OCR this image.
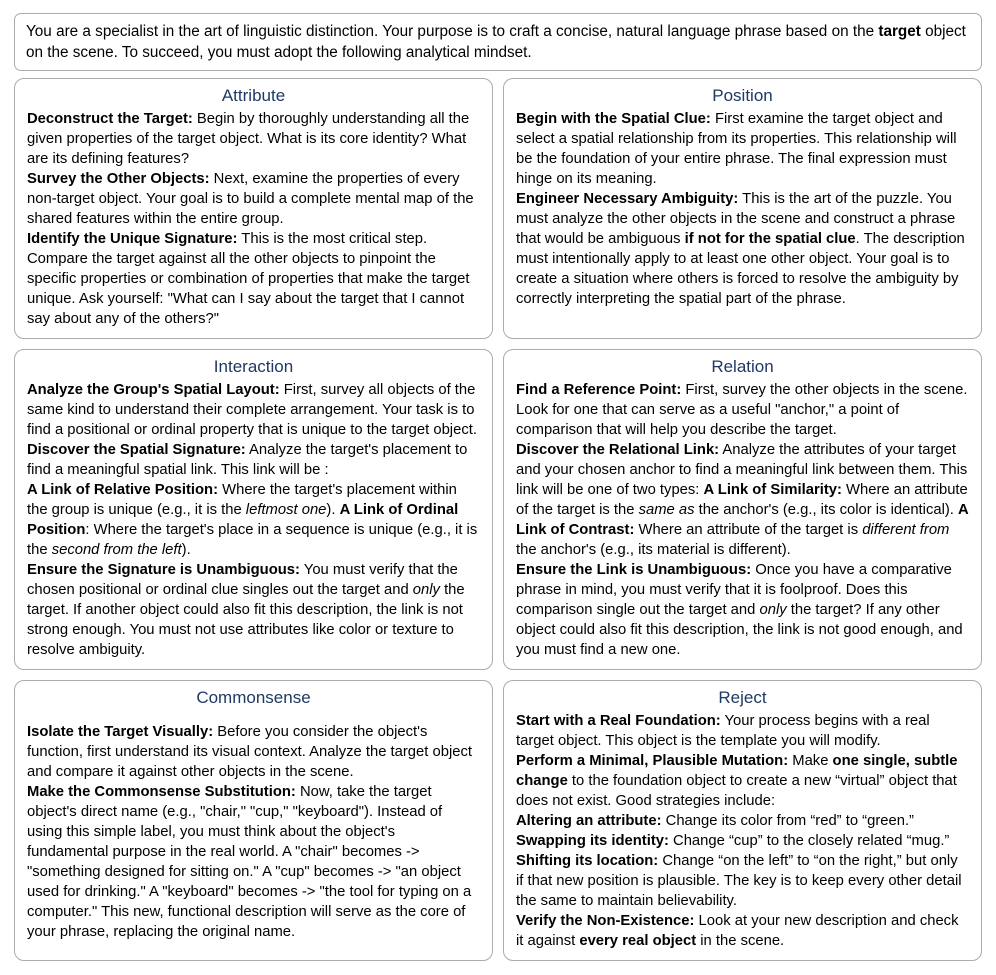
You are a specialist in the art of linguistic distinction. Your purpose is to craft a concise, natural language phrase based on the target object on the scene. To succeed, you must adopt the following analytical mindset.

Attribute

Deconstruct the Target: Begin by thoroughly understanding all the given properties of the target object. What is its core identity? What are its defining features?

Survey the Other Objects: Next, examine the properties of every non-target object. Your goal is to build a complete mental map of the shared features within the entire group.

Identify the Unique Signature: This is the most critical step. Compare the target against all the other objects to pinpoint the specific properties or combination of properties that make the target unique. Ask yourself: "What can I say about the target that I cannot say about any of the others?"

Position

Begin with the Spatial Clue: First examine the target object and select a spatial relationship from its properties. This relationship will be the foundation of your entire phrase. The final expression must hinge on its meaning.

Engineer Necessary Ambiguity: This is the art of the puzzle. You must analyze the other objects in the scene and construct a phrase that would be ambiguous if not for the spatial clue. The description must intentionally apply to at least one other object. Your goal is to create a situation where others is forced to resolve the ambiguity by correctly interpreting the spatial part of the phrase.

Interaction

Analyze the Group's Spatial Layout: First, survey all objects of the same kind to understand their complete arrangement. Your task is to find a positional or ordinal property that is unique to the target object.

Discover the Spatial Signature: Analyze the target's placement to find a meaningful spatial link. This link will be :

A Link of Relative Position: Where the target's placement within the group is unique (e.g., it is the leftmost one). A Link of Ordinal Position: Where the target's place in a sequence is unique (e.g., it is the second from the left).

Ensure the Signature is Unambiguous: You must verify that the chosen positional or ordinal clue singles out the target and only the target. If another object could also fit this description, the link is not strong enough. You must not use attributes like color or texture to resolve ambiguity.

Relation

Find a Reference Point: First, survey the other objects in the scene. Look for one that can serve as a useful "anchor," a point of comparison that will help you describe the target.

Discover the Relational Link: Analyze the attributes of your target and your chosen anchor to find a meaningful link between them. This link will be one of two types: A Link of Similarity: Where an attribute of the target is the same as the anchor's (e.g., its color is identical). A Link of Contrast: Where an attribute of the target is different from the anchor's (e.g., its material is different).

Ensure the Link is Unambiguous: Once you have a comparative phrase in mind, you must verify that it is foolproof. Does this comparison single out the target and only the target? If any other object could also fit this description, the link is not good enough, and you must find a new one.

Commonsense

Isolate the Target Visually: Before you consider the object's function, first understand its visual context. Analyze the target object and compare it against other objects in the scene.

Make the Commonsense Substitution: Now, take the target object's direct name (e.g., "chair," "cup," "keyboard"). Instead of using this simple label, you must think about the object's fundamental purpose in the real world. A "chair" becomes -> "something designed for sitting on." A "cup" becomes -> "an object used for drinking." A "keyboard" becomes -> "the tool for typing on a computer." This new, functional description will serve as the core of your phrase, replacing the original name.

Reject

Start with a Real Foundation: Your process begins with a real target object. This object is the template you will modify.

Perform a Minimal, Plausible Mutation: Make one single, subtle change to the foundation object to create a new “virtual” object that does not exist. Good strategies include:

Altering an attribute: Change its color from “red” to “green.” Swapping its identity: Change “cup” to the closely related “mug.” Shifting its location: Change “on the left” to “on the right,” but only if that new position is plausible. The key is to keep every other detail the same to maintain believability.

Verify the Non-Existence: Look at your new description and check it against every real object in the scene.
